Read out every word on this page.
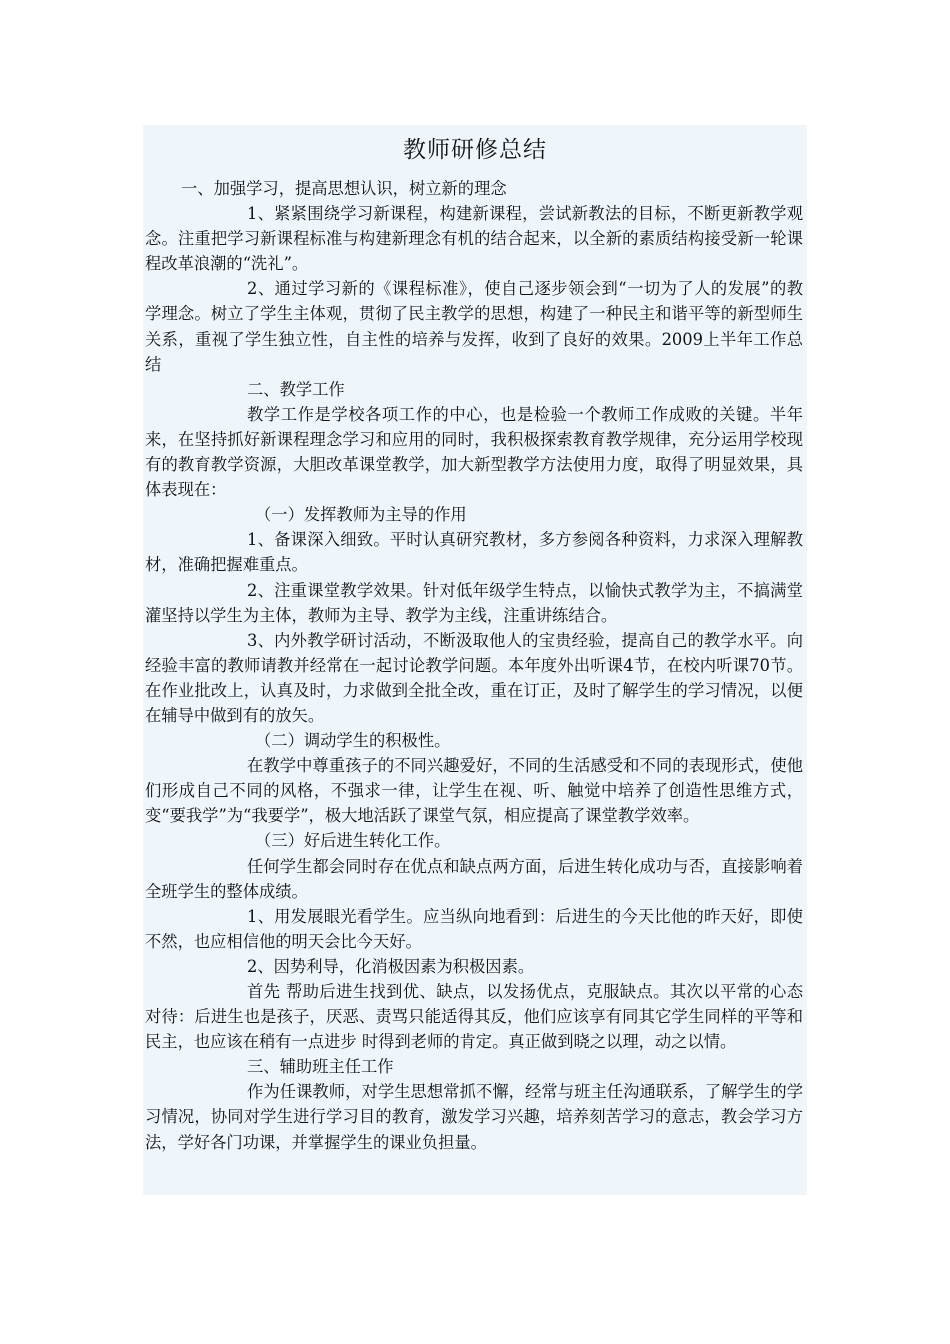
教师研修总结

一、加强学习，提高思想认识，树立新的理念

1、紧紧围绕学习新课程，构建新课程，尝试新教法的目标，不断更新教学观念。注重把学习新课程标准与构建新理念有机的结合起来，以全新的素质结构接受新一轮课程改革浪潮的“洗礼”。

2、通过学习新的《课程标准》，使自己逐步领会到“一切为了人的发展”的教学理念。树立了学生主体观，贯彻了民主教学的思想，构建了一种民主和谐平等的新型师生关系，重视了学生独立性，自主性的培养与发挥，收到了良好的效果。2009上半年工作总结

二、教学工作

教学工作是学校各项工作的中心，也是检验一个教师工作成败的关键。半年来，在坚持抓好新课程理念学习和应用的同时，我积极探索教育教学规律，充分运用学校现有的教育教学资源，大胆改革课堂教学，加大新型教学方法使用力度，取得了明显效果，具体表现在：

（一）发挥教师为主导的作用

1、备课深入细致。平时认真研究教材，多方参阅各种资料，力求深入理解教材，准确把握难重点。

2、注重课堂教学效果。针对低年级学生特点，以愉快式教学为主，不搞满堂灌坚持以学生为主体，教师为主导、教学为主线，注重讲练结合。

3、内外教学研讨活动，不断汲取他人的宝贵经验，提高自己的教学水平。向经验丰富的教师请教并经常在一起讨论教学问题。本年度外出听课4节，在校内听课70节。在作业批改上，认真及时，力求做到全批全改，重在订正，及时了解学生的学习情况，以便在辅导中做到有的放矢。

（二）调动学生的积极性。

在教学中尊重孩子的不同兴趣爱好，不同的生活感受和不同的表现形式，使他们形成自己不同的风格，不强求一律，让学生在视、听、触觉中培养了创造性思维方式，变“要我学”为“我要学”，极大地活跃了课堂气氛，相应提高了课堂教学效率。

（三）好后进生转化工作。

任何学生都会同时存在优点和缺点两方面，后进生转化成功与否，直接影响着全班学生的整体成绩。

1、用发展眼光看学生。应当纵向地看到：后进生的今天比他的昨天好，即使不然，也应相信他的明天会比今天好。

2、因势利导，化消极因素为积极因素。

首先 帮助后进生找到优、缺点，以发扬优点，克服缺点。其次以平常的心态对待：后进生也是孩子，厌恶、责骂只能适得其反，他们应该享有同其它学生同样的平等和民主，也应该在稍有一点进步 时得到老师的肯定。真正做到晓之以理，动之以情。

三、辅助班主任工作

作为任课教师，对学生思想常抓不懈，经常与班主任沟通联系，了解学生的学习情况，协同对学生进行学习目的教育，激发学习兴趣，培养刻苦学习的意志，教会学习方法，学好各门功课，并掌握学生的课业负担量。
